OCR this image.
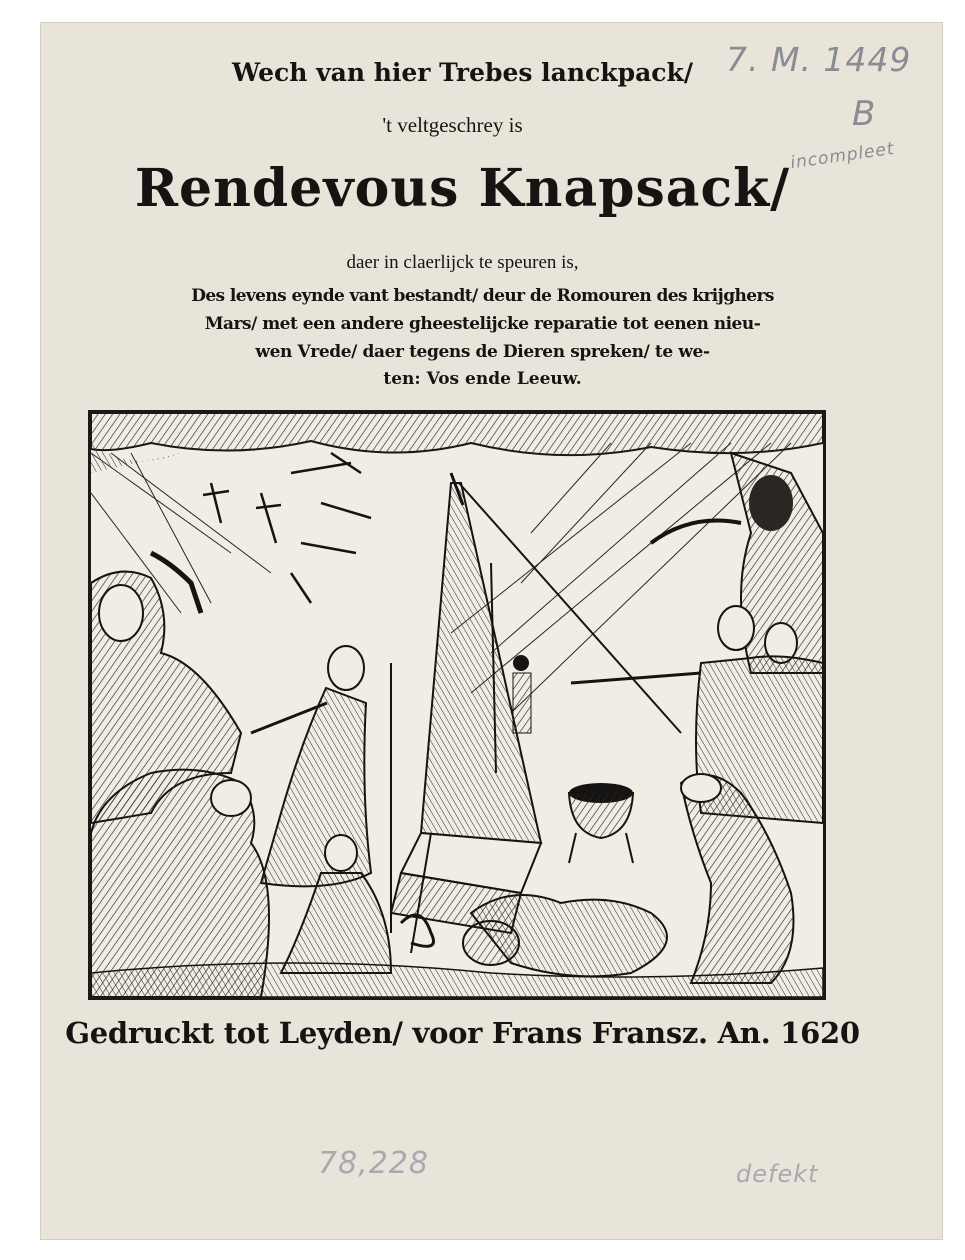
7. M. 1449
B
incompleet
Wech van hier Trebes lanckpack/
't veltgeschrey is
Rendevous Knapsack/
daer in claerlijck te speuren is,
Des levens eynde vant bestandt/ deur de Romouren des krijghers
Mars/ met een andere gheestelijcke reparatie tot eenen nieu-
wen Vrede/ daer tegens de Dieren spreken/ te we-
ten: Vos ende Leeuw.
Gedruckt tot Leyden/ voor Frans Fransz. An. 1620
78,228	defekt
